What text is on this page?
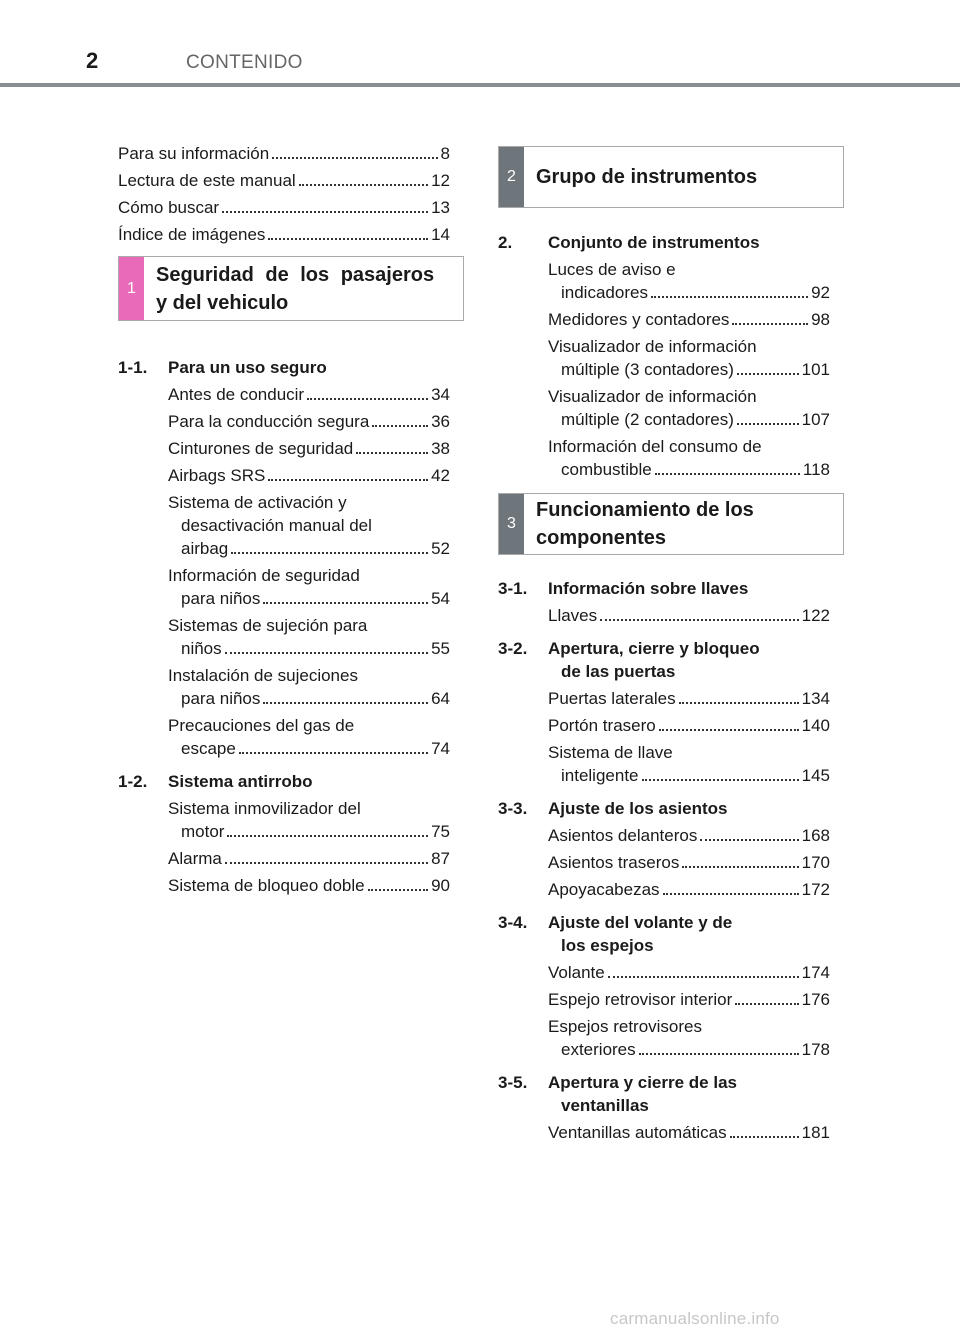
2	CONTENIDO
Para su información	8
Lectura de este manual	12
Cómo buscar	13
Índice de imágenes	14
1-1.	Para un uso seguro
Antes de conducir	34
Para la conducción segura	36
Cinturones de seguridad	38
Airbags SRS	42
Sistema de activación y
desactivación manual del
airbag	52
Información de seguridad
para niños	54
Sistemas de sujeción para
niños	55
Instalación de sujeciones
para niños	64
Precauciones del gas de
escape	74
1-2.	Sistema antirrobo
Sistema inmovilizador del
motor	75
Alarma	87
Sistema de bloqueo doble	90
1
Seguridad de los pasajeros
y del vehiculo
2	Grupo de instrumentos
3
Funcionamiento de los
componentes
2.	Conjunto de instrumentos
Luces de aviso e
indicadores	92
Medidores y contadores	98
Visualizador de información
múltiple (3 contadores)	101
Visualizador de información
múltiple (2 contadores)	107
Información del consumo de
combustible	118
3-1.	Información sobre llaves
Llaves	122
3-2.	Apertura, cierre y bloqueo
de las puertas
Puertas laterales	134
Portón trasero	140
Sistema de llave
inteligente	145
3-3.	Ajuste de los asientos
Asientos delanteros	168
Asientos traseros	170
Apoyacabezas	172
3-4.	Ajuste del volante y de
los espejos
Volante	174
Espejo retrovisor interior	176
Espejos retrovisores
exteriores	178
3-5.	Apertura y cierre de las
ventanillas
Ventanillas automáticas	181
carmanualsonline.info
